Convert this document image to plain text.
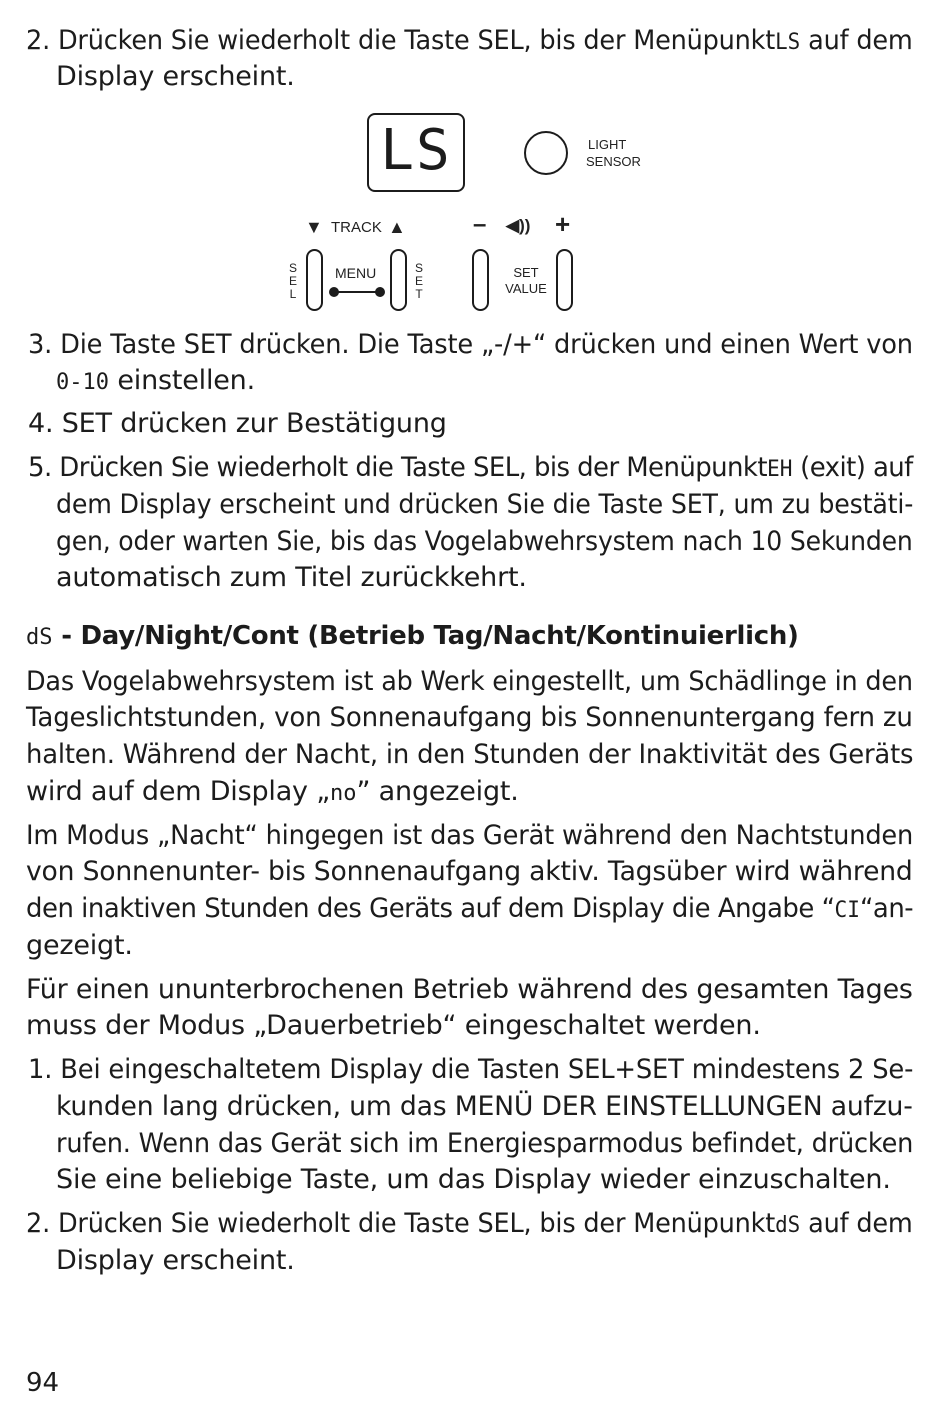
2. Drücken Sie wiederholt die Taste SEL, bis der MenüpunktLS auf dem
Display erscheint.
LS	LIGHT
SENSOR
▼ TRACK ▲	– ◀)) +
S
E
L
MENU	S
E
T
SET
VALUE
3. Die Taste SET drücken. Die Taste „-/+“ drücken und einen Wert von
0-10 einstellen.
4. SET drücken zur Bestätigung
5. Drücken Sie wiederholt die Taste SEL, bis der MenüpunktEH (exit) auf
dem Display erscheint und drücken Sie die Taste SET, um zu bestäti-
gen, oder warten Sie, bis das Vogelabwehrsystem nach 10 Sekunden
automatisch zum Titel zurückkehrt.
dS - Day/Night/Cont (Betrieb Tag/Nacht/Kontinuierlich)
Das Vogelabwehrsystem ist ab Werk eingestellt, um Schädlinge in den
Tageslichtstunden, von Sonnenaufgang bis Sonnenuntergang fern zu
halten. Während der Nacht, in den Stunden der Inaktivität des Geräts
wird auf dem Display „no” angezeigt.
Im Modus „Nacht“ hingegen ist das Gerät während den Nachtstunden
von Sonnenunter- bis Sonnenaufgang aktiv. Tagsüber wird während
den inaktiven Stunden des Geräts auf dem Display die Angabe “CI“an-
gezeigt.
Für einen ununterbrochenen Betrieb während des gesamten Tages
muss der Modus „Dauerbetrieb“ eingeschaltet werden.
1. Bei eingeschaltetem Display die Tasten SEL+SET mindestens 2 Se-
kunden lang drücken, um das MENÜ DER EINSTELLUNGEN aufzu-
rufen. Wenn das Gerät sich im Energiesparmodus befindet, drücken
Sie eine beliebige Taste, um das Display wieder einzuschalten.
2. Drücken Sie wiederholt die Taste SEL, bis der MenüpunktdS auf dem
Display erscheint.
94
